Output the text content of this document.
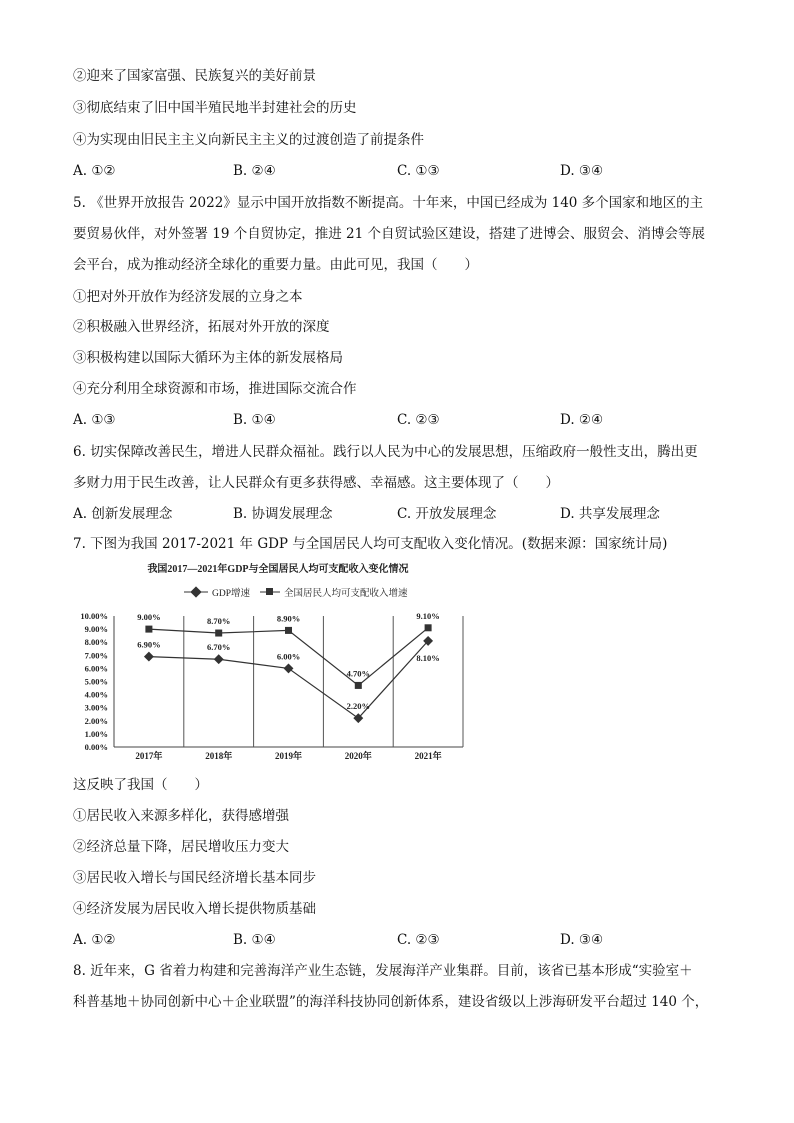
②迎来了国家富强、民族复兴的美好前景
③彻底结束了旧中国半殖民地半封建社会的历史
④为实现由旧民主主义向新民主主义的过渡创造了前提条件
A. ①②	B. ②④	C. ①③	D. ③④
5. 《世界开放报告 2022》显示中国开放指数不断提高。十年来，中国已经成为 140 多个国家和地区的主
要贸易伙伴，对外签署 19 个自贸协定，推进 21 个自贸试验区建设，搭建了进博会、服贸会、消博会等展
会平台，成为推动经济全球化的重要力量。由此可见，我国（　　）
①把对外开放作为经济发展的立身之本
②积极融入世界经济，拓展对外开放的深度
③积极构建以国际大循环为主体的新发展格局
④充分利用全球资源和市场，推进国际交流合作
A. ①③	B. ①④	C. ②③	D. ②④
6. 切实保障改善民生，增进人民群众福祉。践行以人民为中心的发展思想，压缩政府一般性支出，腾出更
多财力用于民生改善，让人民群众有更多获得感、幸福感。这主要体现了（　　）
A. 创新发展理念	B. 协调发展理念	C. 开放发展理念	D. 共享发展理念
7. 下图为我国 2017-2021 年 GDP 与全国居民人均可支配收入变化情况。(数据来源：国家统计局)
我国2017—2021年GDP与全国居民人均可支配收入变化情况
GDP增速	全国居民人均可支配收入增速
0.00%
1.00%
2.00%
3.00%
4.00%
5.00%
6.00%
7.00%
8.00%
9.00%
10.00%
2017年	2018年	2019年	2020年	2021年
6.90%	6.70%
6.00%
2.20%
8.10%
9.00%	8.70%	8.90%
4.70%
9.10%
这反映了我国（　　）
①居民收入来源多样化，获得感增强
②经济总量下降，居民增收压力变大
③居民收入增长与国民经济增长基本同步
④经济发展为居民收入增长提供物质基础
A. ①②	B. ①④	C. ②③	D. ③④
8. 近年来，G 省着力构建和完善海洋产业生态链，发展海洋产业集群。目前，该省已基本形成“实验室＋
科普基地＋协同创新中心＋企业联盟”的海洋科技协同创新体系，建设省级以上涉海研发平台超过 140 个，
